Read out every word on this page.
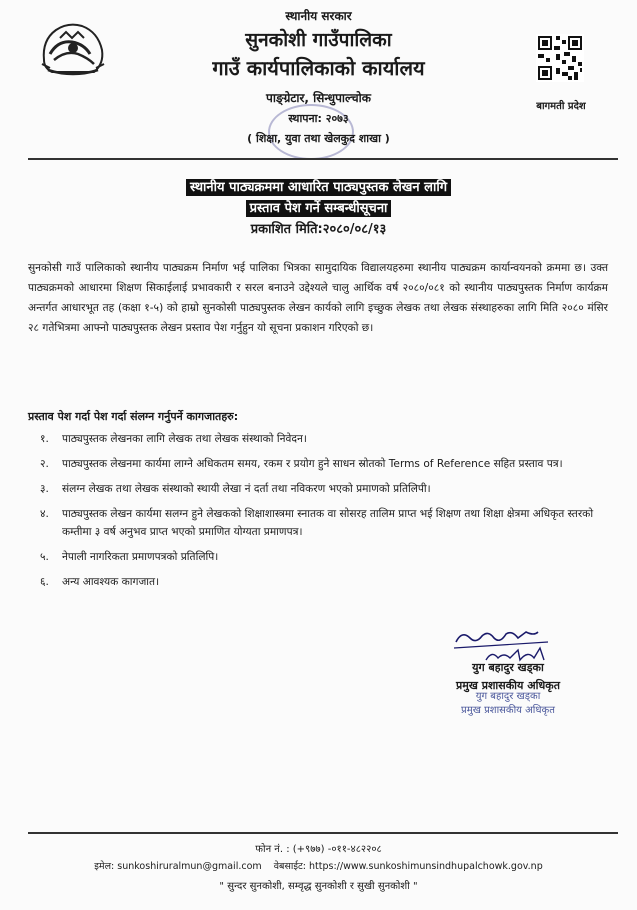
स्थानीय सरकार
सुनकोशी गाउँपालिका
गाउँ कार्यपालिकाको कार्यालय
पाङ्ग्रेटार, सिन्धुपाल्चोक
स्थापना: २०७३
( शिक्षा, युवा तथा खेलकुद शाखा )
बागमती प्रदेश
स्थानीय पाठ्यक्रममा आधारित पाठ्यपुस्तक लेखन लागि
प्रस्ताव पेश गर्ने सम्बन्धीसूचना
प्रकाशित मिति:२०८०/०८/१३
सुनकोसी गाउँ पालिकाको स्थानीय पाठ्यक्रम निर्माण भई पालिका भित्रका सामुदायिक विद्यालयहरुमा स्थानीय पाठ्यक्रम कार्यान्वयनको क्रममा छ। उक्त पाठ्यक्रमको आधारमा शिक्षण सिकाईलाई प्रभावकारी र सरल बनाउने उद्देश्यले चालु आर्थिक वर्ष २०८०/०८१ को स्थानीय पाठ्यपुस्तक निर्माण कार्यक्रम अन्तर्गत आधारभूत तह (कक्षा १-५) को हाम्रो सुनकोसी पाठ्यपुस्तक लेखन कार्यको लागि इच्छुक लेखक तथा लेखक संस्थाहरुका लागि मिति २०८० मंसिर २८ गतेभित्रमा आफ्नो पाठ्यपुस्तक लेखन प्रस्ताव पेश गर्नुहुन यो सूचना प्रकाशन गरिएको छ।
प्रस्ताव पेश गर्दा पेश गर्दा संलग्न गर्नुपर्ने कागजातहरु:
१.	पाठ्यपुस्तक लेखनका लागि लेखक तथा लेखक संस्थाको निवेदन।
२.	पाठ्यपुस्तक लेखनमा कार्यमा लाग्ने अधिकतम समय, रकम र प्रयोग हुने साधन स्रोतको Terms of Reference सहित प्रस्ताव पत्र।
३.	संलग्न लेखक तथा लेखक संस्थाको स्थायी लेखा नं दर्ता तथा नविकरण भएको प्रमाणको प्रतिलिपी।
४.	पाठ्यपुस्तक लेखन कार्यमा सलग्न हुने लेखकको शिक्षाशास्त्रमा स्नातक वा सोसरह तालिम प्राप्त भई शिक्षण तथा शिक्षा क्षेत्रमा अधिकृत स्तरको कम्तीमा ३ वर्ष अनुभव प्राप्त भएको प्रमाणित योग्यता प्रमाणपत्र।
५.	नेपाली नागरिकता प्रमाणपत्रको प्रतिलिपि।
६.	अन्य आवश्यक कागजात।
युग बहादुर खड्का
प्रमुख प्रशासकीय अधिकृत
युग बहादुर खड्का
प्रमुख प्रशासकीय अधिकृत
फोन नं. : (+९७७) -०११-४८२२०८
इमेल: sunkoshiruralmun@gmail.com वेबसाईट: https://www.sunkoshimunsindhupalchowk.gov.np
" सुन्दर सुनकोशी, सम्वृद्ध सुनकोशी र सुखी सुनकोशी "
